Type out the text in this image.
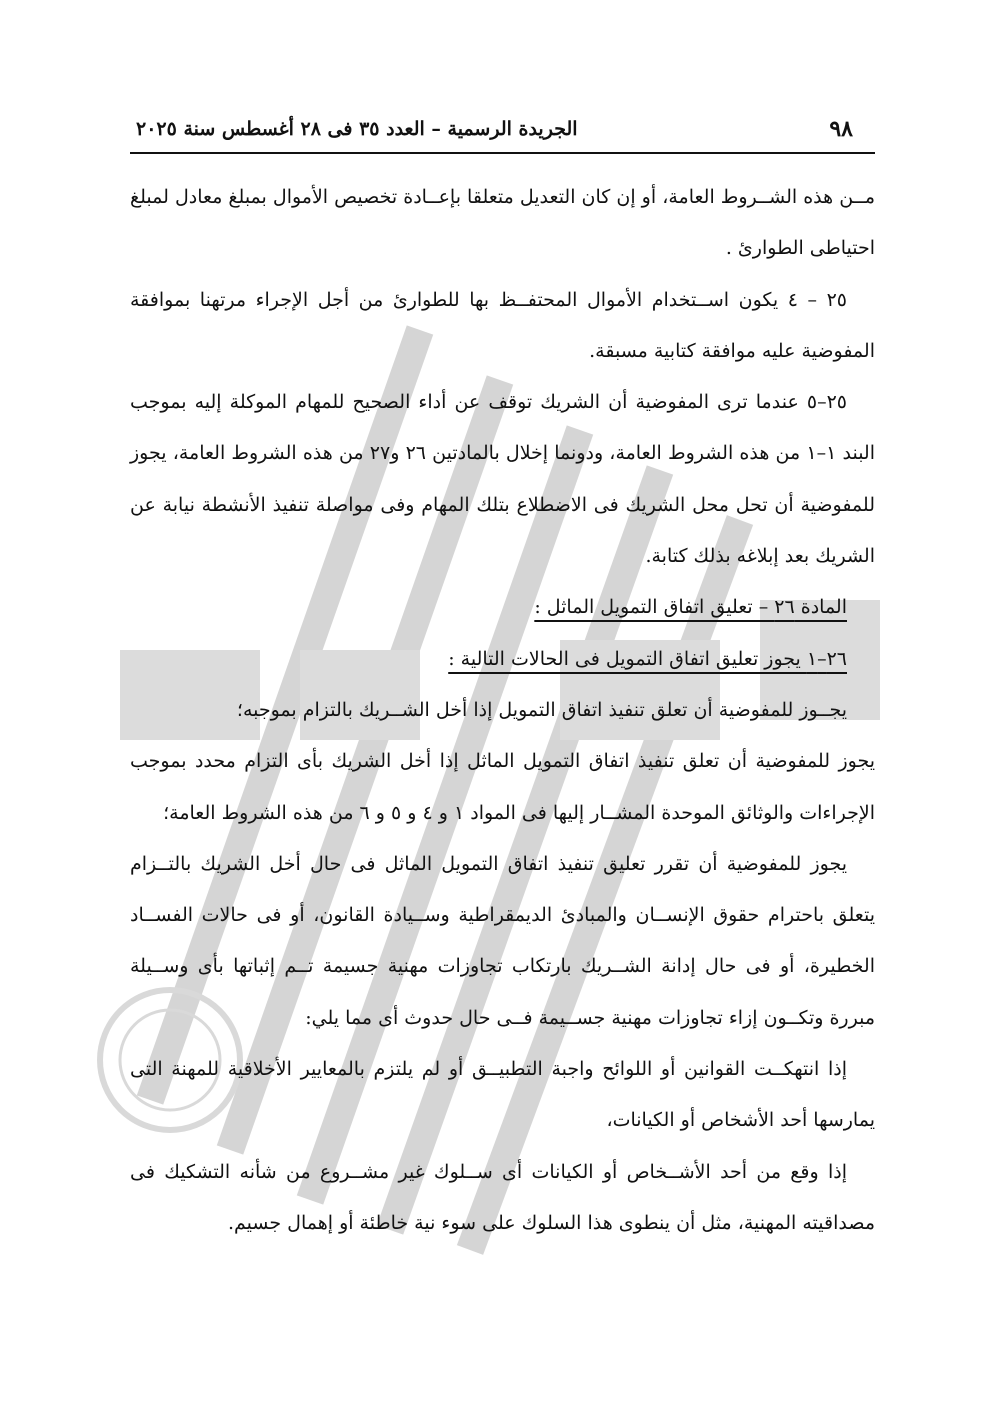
٩٨
الجريدة الرسمية – العدد ٣٥ فى ٢٨ أغسطس سنة ٢٠٢٥

مــن هذه الشــروط العامة، أو إن كان التعديل متعلقا بإعــادة تخصيص الأموال بمبلغ معادل لمبلغ احتياطى الطوارئ .

٢٥ – ٤ يكون اســتخدام الأموال المحتفــظ بها للطوارئ من أجل الإجراء مرتهنا بموافقة المفوضية عليه موافقة كتابية مسبقة.

٢٥–٥ عندما ترى المفوضية أن الشريك توقف عن أداء الصحيح للمهام الموكلة إليه بموجب البند ١–١ من هذه الشروط العامة، ودونما إخلال بالمادتين ٢٦ و٢٧ من هذه الشروط العامة، يجوز للمفوضية أن تحل محل الشريك فى الاضطلاع بتلك المهام وفى مواصلة تنفيذ الأنشطة نيابة عن الشريك بعد إبلاغه بذلك كتابة.

المادة ٢٦ – تعليق اتفاق التمويل الماثل :

٢٦–١ يجوز تعليق اتفاق التمويل فى الحالات التالية :

يجــوز للمفوضية أن تعلق تنفيذ اتفاق التمويل إذا أخل الشــريك بالتزام بموجبه؛

يجوز للمفوضية أن تعلق تنفيذ اتفاق التمويل الماثل إذا أخل الشريك بأى التزام محدد بموجب الإجراءات والوثائق الموحدة المشــار إليها فى المواد ١ و ٤ و ٥ و ٦ من هذه الشروط العامة؛

يجوز للمفوضية أن تقرر تعليق تنفيذ اتفاق التمويل الماثل فى حال أخل الشريك بالتــزام يتعلق باحترام حقوق الإنســان والمبادئ الديمقراطية وســيادة القانون، أو فى حالات الفســاد الخطيرة، أو فى حال إدانة الشــريك بارتكاب تجاوزات مهنية جسيمة تــم إثباتها بأى وســيلة مبررة وتكــون إزاء تجاوزات مهنية جســيمة فــى حال حدوث أى مما يلي:

إذا انتهكــت القوانين أو اللوائح واجبة التطبيــق أو لم يلتزم بالمعايير الأخلاقية للمهنة التى يمارسها أحد الأشخاص أو الكيانات،

إذا وقع من أحد الأشــخاص أو الكيانات أى ســلوك غير مشــروع من شأنه التشكيك فى مصداقيته المهنية، مثل أن ينطوى هذا السلوك على سوء نية خاطئة أو إهمال جسيم.
